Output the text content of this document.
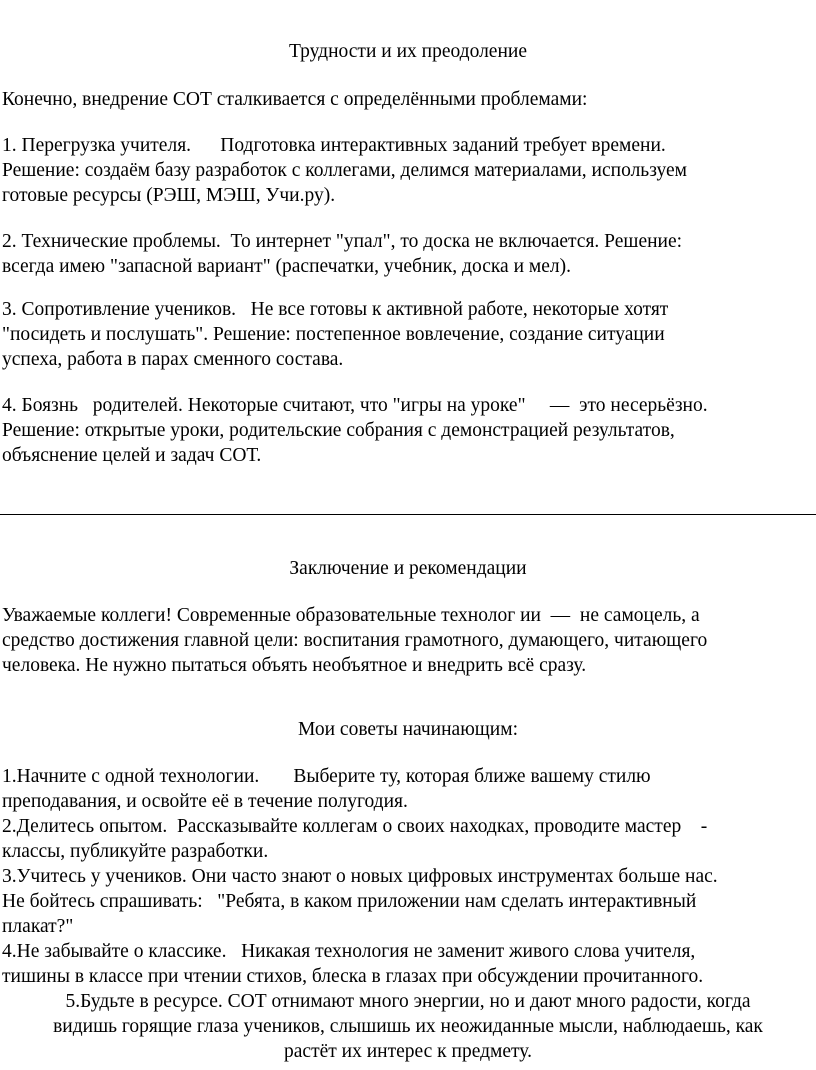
Трудности и их преодоление

Конечно, внедрение СОТ сталкивается с определёнными проблемами:

1. Перегрузка учителя.      Подготовка интерактивных заданий требует времени.
Решение: создаём базу разработок с коллегами, делимся материалами, используем
готовые ресурсы (РЭШ, МЭШ, Учи.ру).

2. Технические проблемы.  То интернет "упал", то доска не включается. Решение:
всегда имею "запасной вариант" (распечатки, учебник, доска и мел).

3. Сопротивление учеников.   Не все готовы к активной работе, некоторые хотят
"посидеть и послушать". Решение: постепенное вовлечение, создание ситуации
успеха, работа в парах сменного состава.

4. Боязнь   родителей. Некоторые считают, что "игры на уроке"     —  это несерьёзно.
Решение: открытые уроки, родительские собрания с демонстрацией результатов,
объяснение целей и задач СОТ.

Заключение и рекомендации

Уважаемые коллеги! Современные образовательные технолог ии  —  не самоцель, а
средство достижения главной цели: воспитания грамотного, думающего, читающего
человека. Не нужно пытаться объять необъятное и внедрить всё сразу.

Мои советы начинающим:

1.Начните с одной технологии.       Выберите ту, которая ближе вашему стилю
преподавания, и освойте её в течение полугодия.

2.Делитесь опытом.  Рассказывайте коллегам о своих находках, проводите мастер    -
классы, публикуйте разработки.

3.Учитесь у учеников. Они часто знают о новых цифровых инструментах больше нас.
Не бойтесь спрашивать:   "Ребята, в каком приложении нам сделать интерактивный
плакат?"

4.Не забывайте о классике.   Никакая технология не заменит живого слова учителя,
тишины в классе при чтении стихов, блеска в глазах при обсуждении прочитанного.

5.Будьте в ресурсе. СОТ отнимают много энергии, но и дают много радости, когда
видишь горящие глаза учеников, слышишь их неожиданные мысли, наблюдаешь, как
растёт их интерес к предмету.
